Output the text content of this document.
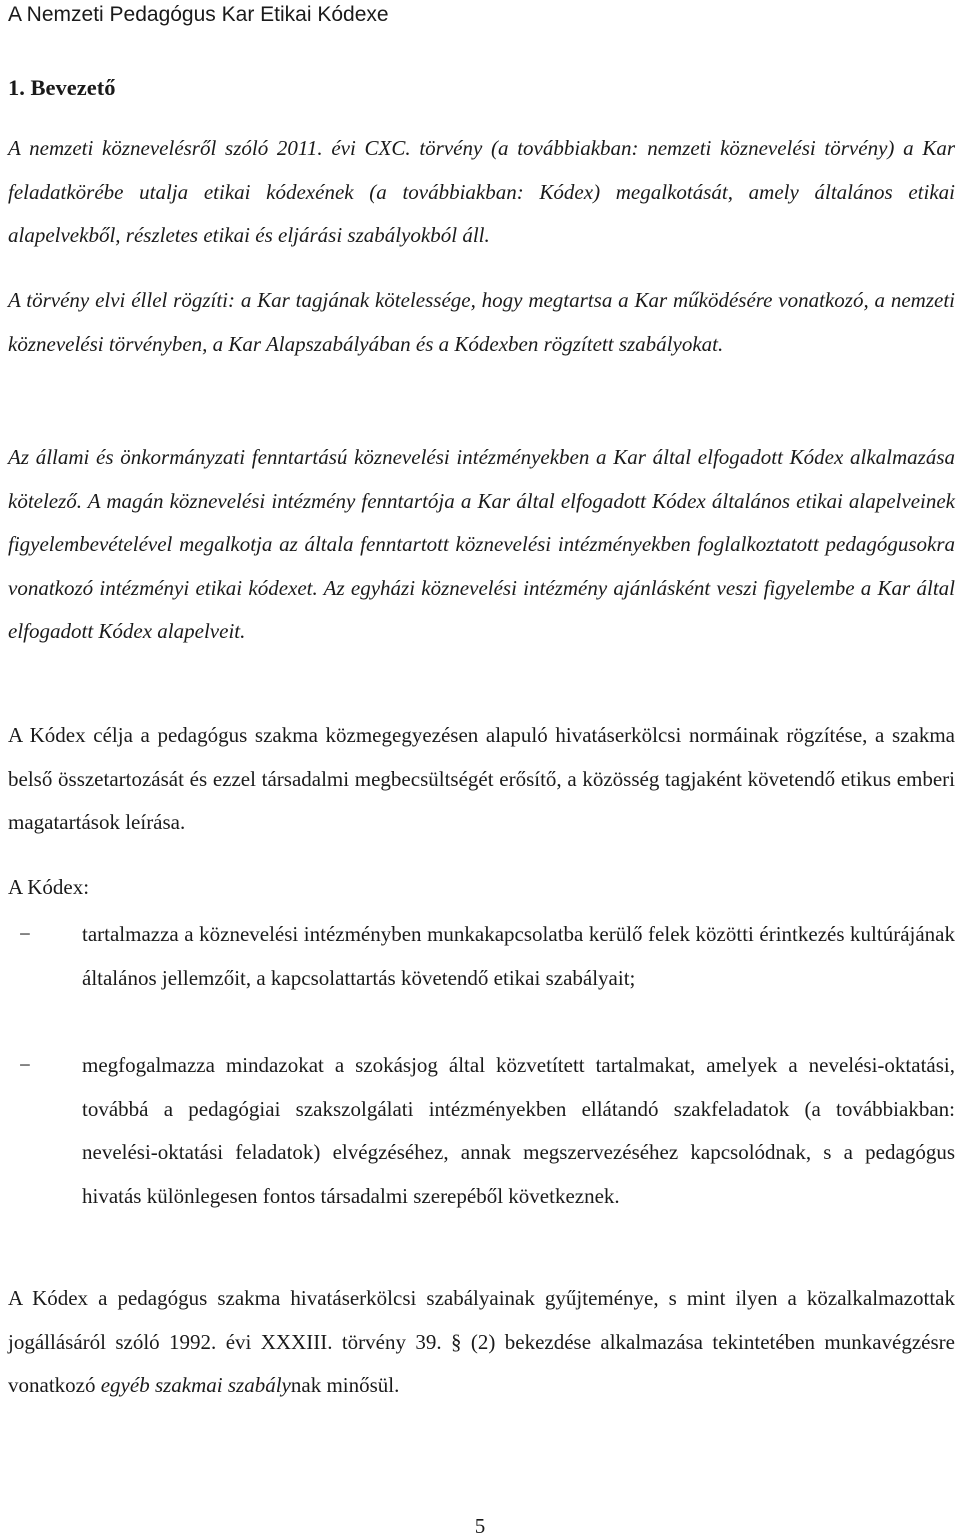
A Nemzeti Pedagógus Kar Etikai Kódexe
1. Bevezető

A nemzeti köznevelésről szóló 2011. évi CXC. törvény (a továbbiakban: nemzeti köznevelési törvény) a Kar feladatkörébe utalja etikai kódexének (a továbbiakban: Kódex) megalkotását, amely általános etikai alapelvekből, részletes etikai és eljárási szabályokból áll.

A törvény elvi éllel rögzíti: a Kar tagjának kötelessége, hogy megtartsa a Kar működésére vonatkozó, a nemzeti köznevelési törvényben, a Kar Alapszabályában és a Kódexben rögzített szabályokat.

Az állami és önkormányzati fenntartású köznevelési intézményekben a Kar által elfogadott Kódex alkalmazása kötelező. A magán köznevelési intézmény fenntartója a Kar által elfogadott Kódex általános etikai alapelveinek figyelembevételével megalkotja az általa fenntartott köznevelési intézményekben foglalkoztatott pedagógusokra vonatkozó intézményi etikai kódexet. Az egyházi köznevelési intézmény ajánlásként veszi figyelembe a Kar által elfogadott Kódex alapelveit.

A Kódex célja a pedagógus szakma közmegegyezésen alapuló hivatáserkölcsi normáinak rögzítése, a szakma belső összetartozását és ezzel társadalmi megbecsültségét erősítő, a közösség tagjaként követendő etikus emberi magatartások leírása.

A Kódex:

− tartalmazza a köznevelési intézményben munkakapcsolatba kerülő felek közötti érintkezés kultúrájának általános jellemzőit, a kapcsolattartás követendő etikai szabályait;
− megfogalmazza mindazokat a szokásjog által közvetített tartalmakat, amelyek a nevelési-oktatási, továbbá a pedagógiai szakszolgálati intézményekben ellátandó szakfeladatok (a továbbiakban: nevelési-oktatási feladatok) elvégzéséhez, annak megszervezéséhez kapcsolódnak, s a pedagógus hivatás különlegesen fontos társadalmi szerepéből következnek.

A Kódex a pedagógus szakma hivatáserkölcsi szabályainak gyűjteménye, s mint ilyen a közalkalmazottak jogállásáról szóló 1992. évi XXXIII. törvény 39. § (2) bekezdése alkalmazása tekintetében munkavégzésre vonatkozó egyéb szakmai szabálynak minősül.

5
